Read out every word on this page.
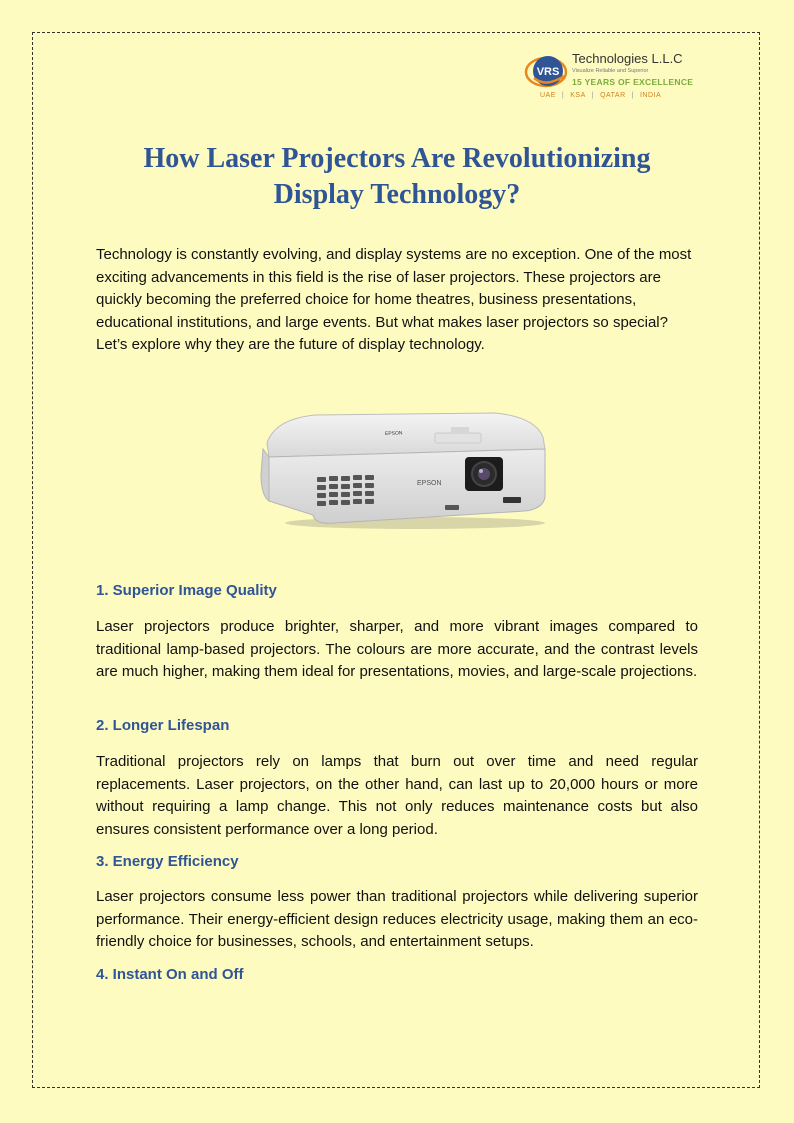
VRS
Technologies L.L.C
Visualize Reliable and Superior
15 YEARS OF EXCELLENCE
UAE | KSA | QATAR | INDIA
How Laser Projectors Are Revolutionizing Display Technology?

Technology is constantly evolving, and display systems are no exception. One of the most exciting advancements in this field is the rise of laser projectors. These projectors are quickly becoming the preferred choice for home theatres, business presentations, educational institutions, and large events. But what makes laser projectors so special? Let’s explore why they are the future of display technology.

EPSON
EPSON
1. Superior Image Quality

Laser projectors produce brighter, sharper, and more vibrant images compared to traditional lamp-based projectors. The colours are more accurate, and the contrast levels are much higher, making them ideal for presentations, movies, and large-scale projections.

2. Longer Lifespan

Traditional projectors rely on lamps that burn out over time and need regular replacements. Laser projectors, on the other hand, can last up to 20,000 hours or more without requiring a lamp change. This not only reduces maintenance costs but also ensures consistent performance over a long period.

3. Energy Efficiency

Laser projectors consume less power than traditional projectors while delivering superior performance. Their energy-efficient design reduces electricity usage, making them an eco-friendly choice for businesses, schools, and entertainment setups.

4. Instant On and Off
